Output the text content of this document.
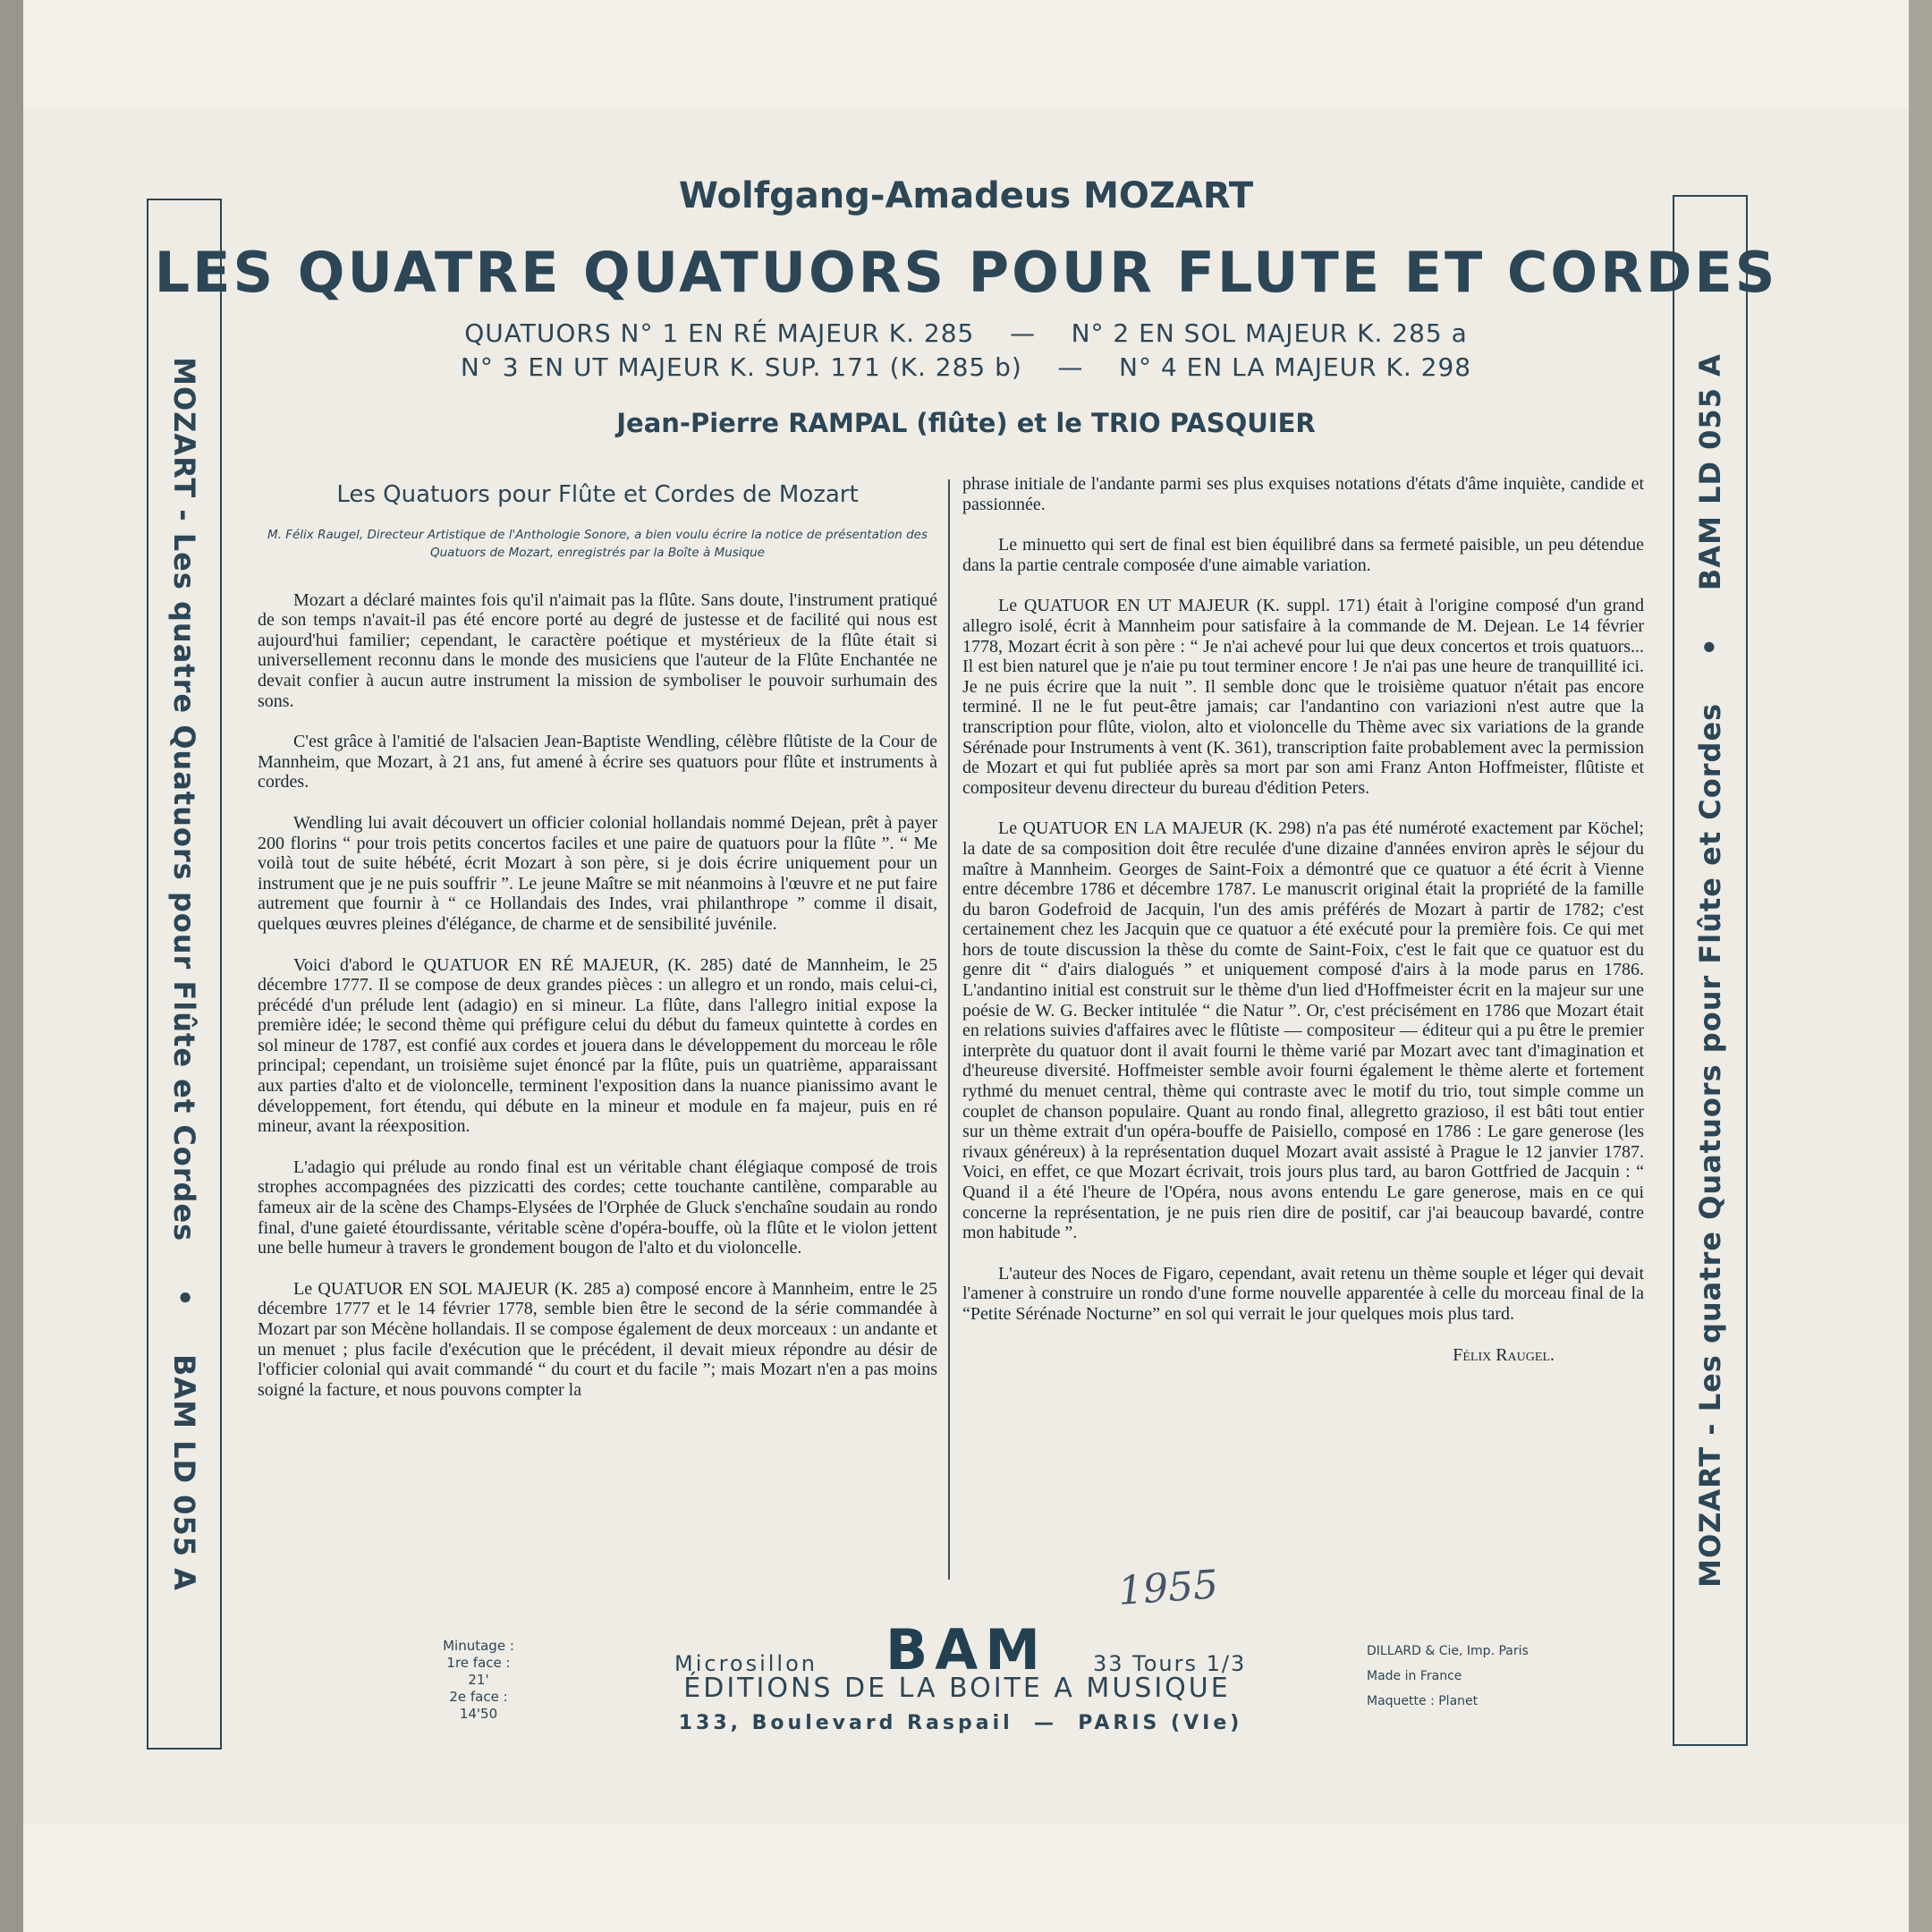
MOZART - Les quatre Quatuors pour Flûte et Cordes • BAM LD 055 A	MOZART - Les quatre Quatuors pour Flûte et Cordes • BAM LD 055 A
Wolfgang-Amadeus MOZART
LES QUATRE QUATUORS POUR FLUTE ET CORDES
QUATUORS N° 1 EN RÉ MAJEUR K. 285    —    N° 2 EN SOL MAJEUR K. 285 a
N° 3 EN UT MAJEUR K. SUP. 171 (K. 285 b)    —    N° 4 EN LA MAJEUR K. 298
Jean-Pierre RAMPAL (flûte) et le TRIO PASQUIER

Les Quatuors pour Flûte et Cordes de Mozart

M. Félix Raugel, Directeur Artistique de l'Anthologie Sonore, a bien voulu écrire la notice de présentation des Quatuors de Mozart, enregistrés par la Boîte à Musique

Mozart a déclaré maintes fois qu'il n'aimait pas la flûte. Sans doute, l'instrument pratiqué de son temps n'avait-il pas été encore porté au degré de justesse et de facilité qui nous est aujourd'hui familier; cependant, le caractère poétique et mystérieux de la flûte était si universellement reconnu dans le monde des musiciens que l'auteur de la Flûte Enchantée ne devait confier à aucun autre instrument la mission de symboliser le pouvoir surhumain des sons.

C'est grâce à l'amitié de l'alsacien Jean-Baptiste Wendling, célèbre flûtiste de la Cour de Mannheim, que Mozart, à 21 ans, fut amené à écrire ses quatuors pour flûte et instruments à cordes.

Wendling lui avait découvert un officier colonial hollandais nommé Dejean, prêt à payer 200 florins “ pour trois petits concertos faciles et une paire de quatuors pour la flûte ”. “ Me voilà tout de suite hébété, écrit Mozart à son père, si je dois écrire uniquement pour un instrument que je ne puis souffrir ”. Le jeune Maître se mit néanmoins à l'œuvre et ne put faire autrement que fournir à “ ce Hollandais des Indes, vrai philanthrope ” comme il disait, quelques œuvres pleines d'élégance, de charme et de sensibilité juvénile.

Voici d'abord le QUATUOR EN RÉ MAJEUR, (K. 285) daté de Mannheim, le 25 décembre 1777. Il se compose de deux grandes pièces : un allegro et un rondo, mais celui-ci, précédé d'un prélude lent (adagio) en si mineur. La flûte, dans l'allegro initial expose la première idée; le second thème qui préfigure celui du début du fameux quintette à cordes en sol mineur de 1787, est confié aux cordes et jouera dans le développement du morceau le rôle principal; cependant, un troisième sujet énoncé par la flûte, puis un quatrième, apparaissant aux parties d'alto et de violoncelle, terminent l'exposition dans la nuance pianissimo avant le développement, fort étendu, qui débute en la mineur et module en fa majeur, puis en ré mineur, avant la réexposition.

L'adagio qui prélude au rondo final est un véritable chant élégiaque composé de trois strophes accompagnées des pizzicatti des cordes; cette touchante cantilène, comparable au fameux air de la scène des Champs-Elysées de l'Orphée de Gluck s'enchaîne soudain au rondo final, d'une gaieté étourdissante, véritable scène d'opéra-bouffe, où la flûte et le violon jettent une belle humeur à travers le grondement bougon de l'alto et du violoncelle.

Le QUATUOR EN SOL MAJEUR (K. 285 a) composé encore à Mannheim, entre le 25 décembre 1777 et le 14 février 1778, semble bien être le second de la série commandée à Mozart par son Mécène hollandais. Il se compose également de deux morceaux : un andante et un menuet ; plus facile d'exécution que le précédent, il devait mieux répondre au désir de l'officier colonial qui avait commandé “ du court et du facile ”; mais Mozart n'en a pas moins soigné la facture, et nous pouvons compter la

phrase initiale de l'andante parmi ses plus exquises notations d'états d'âme inquiète, candide et passionnée.

Le minuetto qui sert de final est bien équilibré dans sa fermeté paisible, un peu détendue dans la partie centrale composée d'une aimable variation.

Le QUATUOR EN UT MAJEUR (K. suppl. 171) était à l'origine composé d'un grand allegro isolé, écrit à Mannheim pour satisfaire à la commande de M. Dejean. Le 14 février 1778, Mozart écrit à son père : “ Je n'ai achevé pour lui que deux concertos et trois quatuors... Il est bien naturel que je n'aie pu tout terminer encore ! Je n'ai pas une heure de tranquillité ici. Je ne puis écrire que la nuit ”. Il semble donc que le troisième quatuor n'était pas encore terminé. Il ne le fut peut-être jamais; car l'andantino con variazioni n'est autre que la transcription pour flûte, violon, alto et violoncelle du Thème avec six variations de la grande Sérénade pour Instruments à vent (K. 361), transcription faite probablement avec la permission de Mozart et qui fut publiée après sa mort par son ami Franz Anton Hoffmeister, flûtiste et compositeur devenu directeur du bureau d'édition Peters.

Le QUATUOR EN LA MAJEUR (K. 298) n'a pas été numéroté exactement par Köchel; la date de sa composition doit être reculée d'une dizaine d'années environ après le séjour du maître à Mannheim. Georges de Saint-Foix a démontré que ce quatuor a été écrit à Vienne entre décembre 1786 et décembre 1787. Le manuscrit original était la propriété de la famille du baron Godefroid de Jacquin, l'un des amis préférés de Mozart à partir de 1782; c'est certainement chez les Jacquin que ce quatuor a été exécuté pour la première fois. Ce qui met hors de toute discussion la thèse du comte de Saint-Foix, c'est le fait que ce quatuor est du genre dit “ d'airs dialogués ” et uniquement composé d'airs à la mode parus en 1786. L'andantino initial est construit sur le thème d'un lied d'Hoffmeister écrit en la majeur sur une poésie de W. G. Becker intitulée “ die Natur ”. Or, c'est précisément en 1786 que Mozart était en relations suivies d'affaires avec le flûtiste — compositeur — éditeur qui a pu être le premier interprète du quatuor dont il avait fourni le thème varié par Mozart avec tant d'imagination et d'heureuse diversité. Hoffmeister semble avoir fourni également le thème alerte et fortement rythmé du menuet central, thème qui contraste avec le motif du trio, tout simple comme un couplet de chanson populaire. Quant au rondo final, allegretto grazioso, il est bâti tout entier sur un thème extrait d'un opéra-bouffe de Paisiello, composé en 1786 : Le gare generose (les rivaux généreux) à la représentation duquel Mozart avait assisté à Prague le 12 janvier 1787. Voici, en effet, ce que Mozart écrivait, trois jours plus tard, au baron Gottfried de Jacquin : “ Quand il a été l'heure de l'Opéra, nous avons entendu Le gare generose, mais en ce qui concerne la représentation, je ne puis rien dire de positif, car j'ai beaucoup bavardé, contre mon habitude ”.

L'auteur des Noces de Figaro, cependant, avait retenu un thème souple et léger qui devait l'amener à construire un rondo d'une forme nouvelle apparentée à celle du morceau final de la “Petite Sérénade Nocturne” en sol qui verrait le jour quelques mois plus tard.

Félix Raugel.

1955
Minutage :
1re face :
21'
2e face :
14'50
Microsillon BAM 33 Tours 1/3
ÉDITIONS DE LA BOITE A MUSIQUE
133, Boulevard Raspail  —  PARIS (VIe)
DILLARD & Cie, Imp. Paris
Made in France
Maquette : Planet
